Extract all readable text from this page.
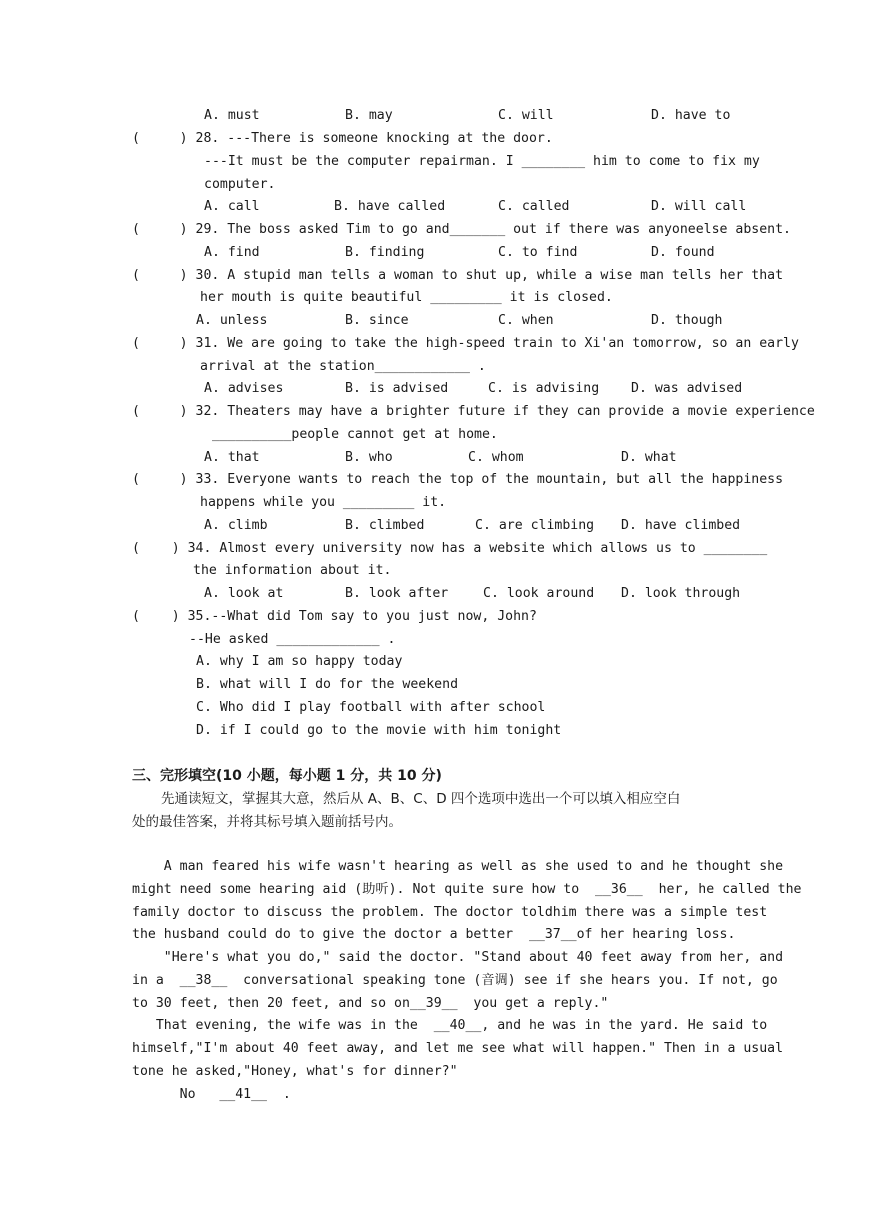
A. must	B. may	C. will	D. have to
(     ) 28. ---There is someone knocking at the door.
---It must be the computer repairman. I ________ him to come to fix my
computer.
A. call	B. have called	C. called	D. will call
(     ) 29. The boss asked Tim to go and_______ out if there was anyoneelse absent.
A. find	B. finding	C. to find	D. found
(     ) 30. A stupid man tells a woman to shut up, while a wise man tells her that
her mouth is quite beautiful _________ it is closed.
A. unless	B. since	C. when	D. though
(     ) 31. We are going to take the high-speed train to Xi'an tomorrow, so an early
arrival at the station____________ .
A. advises	B. is advised	C. is advising D. was advised
(     ) 32. Theaters may have a brighter future if they can provide a movie experience
__________people cannot get at home.
A. that	B. who	C. whom	D. what
(     ) 33. Everyone wants to reach the top of the mountain, but all the happiness
happens while you _________ it.
A. climb	B. climbed	C. are climbing D. have climbed
(    ) 34. Almost every university now has a website which allows us to ________
the information about it.
A. look at	B. look after	C. look around D. look through
(    ) 35.--What did Tom say to you just now, John?
--He asked _____________ .
A. why I am so happy today
B. what will I do for the weekend
C. Who did I play football with after school
D. if I could go to the movie with him tonight
三、完形填空(10 小题，每小题 1 分，共 10 分)
先通读短文，掌握其大意，然后从 A、B、C、D 四个选项中选出一个可以填入相应空白
处的最佳答案，并将其标号填入题前括号内。
A man feared his wife wasn't hearing as well as she used to and he thought she
might need some hearing aid (助听). Not quite sure how to  __36__  her, he called the
family doctor to discuss the problem. The doctor toldhim there was a simple test
the husband could do to give the doctor a better  __37__of her hearing loss.
"Here's what you do," said the doctor. "Stand about 40 feet away from her, and
in a  __38__  conversational speaking tone (音调) see if she hears you. If not, go
to 30 feet, then 20 feet, and so on__39__  you get a reply."
That evening, the wife was in the  __40__, and he was in the yard. He said to
himself,"I'm about 40 feet away, and let me see what will happen." Then in a usual
tone he asked,"Honey, what's for dinner?"
No   __41__  .
